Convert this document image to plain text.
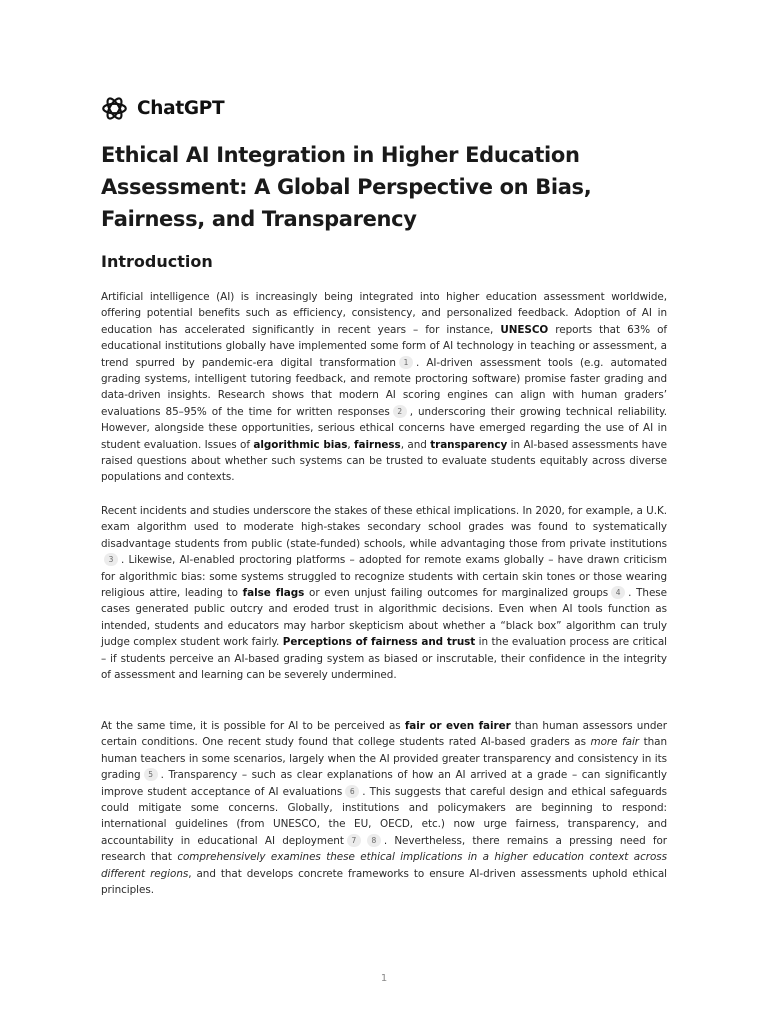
ChatGPT
Ethical AI Integration in Higher Education Assessment: A Global Perspective on Bias, Fairness, and Transparency
Introduction

Artificial intelligence (AI) is increasingly being integrated into higher education assessment worldwide, offering potential benefits such as efficiency, consistency, and personalized feedback. Adoption of AI in education has accelerated significantly in recent years – for instance, UNESCO reports that 63% of educational institutions globally have implemented some form of AI technology in teaching or assessment, a trend spurred by pandemic-era digital transformation 1 . AI-driven assessment tools (e.g. automated grading systems, intelligent tutoring feedback, and remote proctoring software) promise faster grading and data-driven insights. Research shows that modern AI scoring engines can align with human graders’ evaluations 85–95% of the time for written responses 2 , underscoring their growing technical reliability. However, alongside these opportunities, serious ethical concerns have emerged regarding the use of AI in student evaluation. Issues of algorithmic bias, fairness, and transparency in AI-based assessments have raised questions about whether such systems can be trusted to evaluate students equitably across diverse populations and contexts.

Recent incidents and studies underscore the stakes of these ethical implications. In 2020, for example, a U.K. exam algorithm used to moderate high-stakes secondary school grades was found to systematically disadvantage students from public (state-funded) schools, while advantaging those from private institutions3 . Likewise, AI-enabled proctoring platforms – adopted for remote exams globally – have drawn criticism for algorithmic bias: some systems struggled to recognize students with certain skin tones or those wearing religious attire, leading to false flags or even unjust failing outcomes for marginalized groups 4 . These cases generated public outcry and eroded trust in algorithmic decisions. Even when AI tools function as intended, students and educators may harbor skepticism about whether a “black box” algorithm can truly judge complex student work fairly. Perceptions of fairness and trust in the evaluation process are critical – if students perceive an AI-based grading system as biased or inscrutable, their confidence in the integrity of assessment and learning can be severely undermined.

At the same time, it is possible for AI to be perceived as fair or even fairer than human assessors under certain conditions. One recent study found that college students rated AI-based graders as more fair than human teachers in some scenarios, largely when the AI provided greater transparency and consistency in its grading 5 . Transparency – such as clear explanations of how an AI arrived at a grade – can significantly improve student acceptance of AI evaluations 6 . This suggests that careful design and ethical safeguards could mitigate some concerns. Globally, institutions and policymakers are beginning to respond: international guidelines (from UNESCO, the EU, OECD, etc.) now urge fairness, transparency, and accountability in educational AI deployment 7 8 . Nevertheless, there remains a pressing need for research that comprehensively examines these ethical implications in a higher education context across different regions, and that develops concrete frameworks to ensure AI-driven assessments uphold ethical principles.

1
